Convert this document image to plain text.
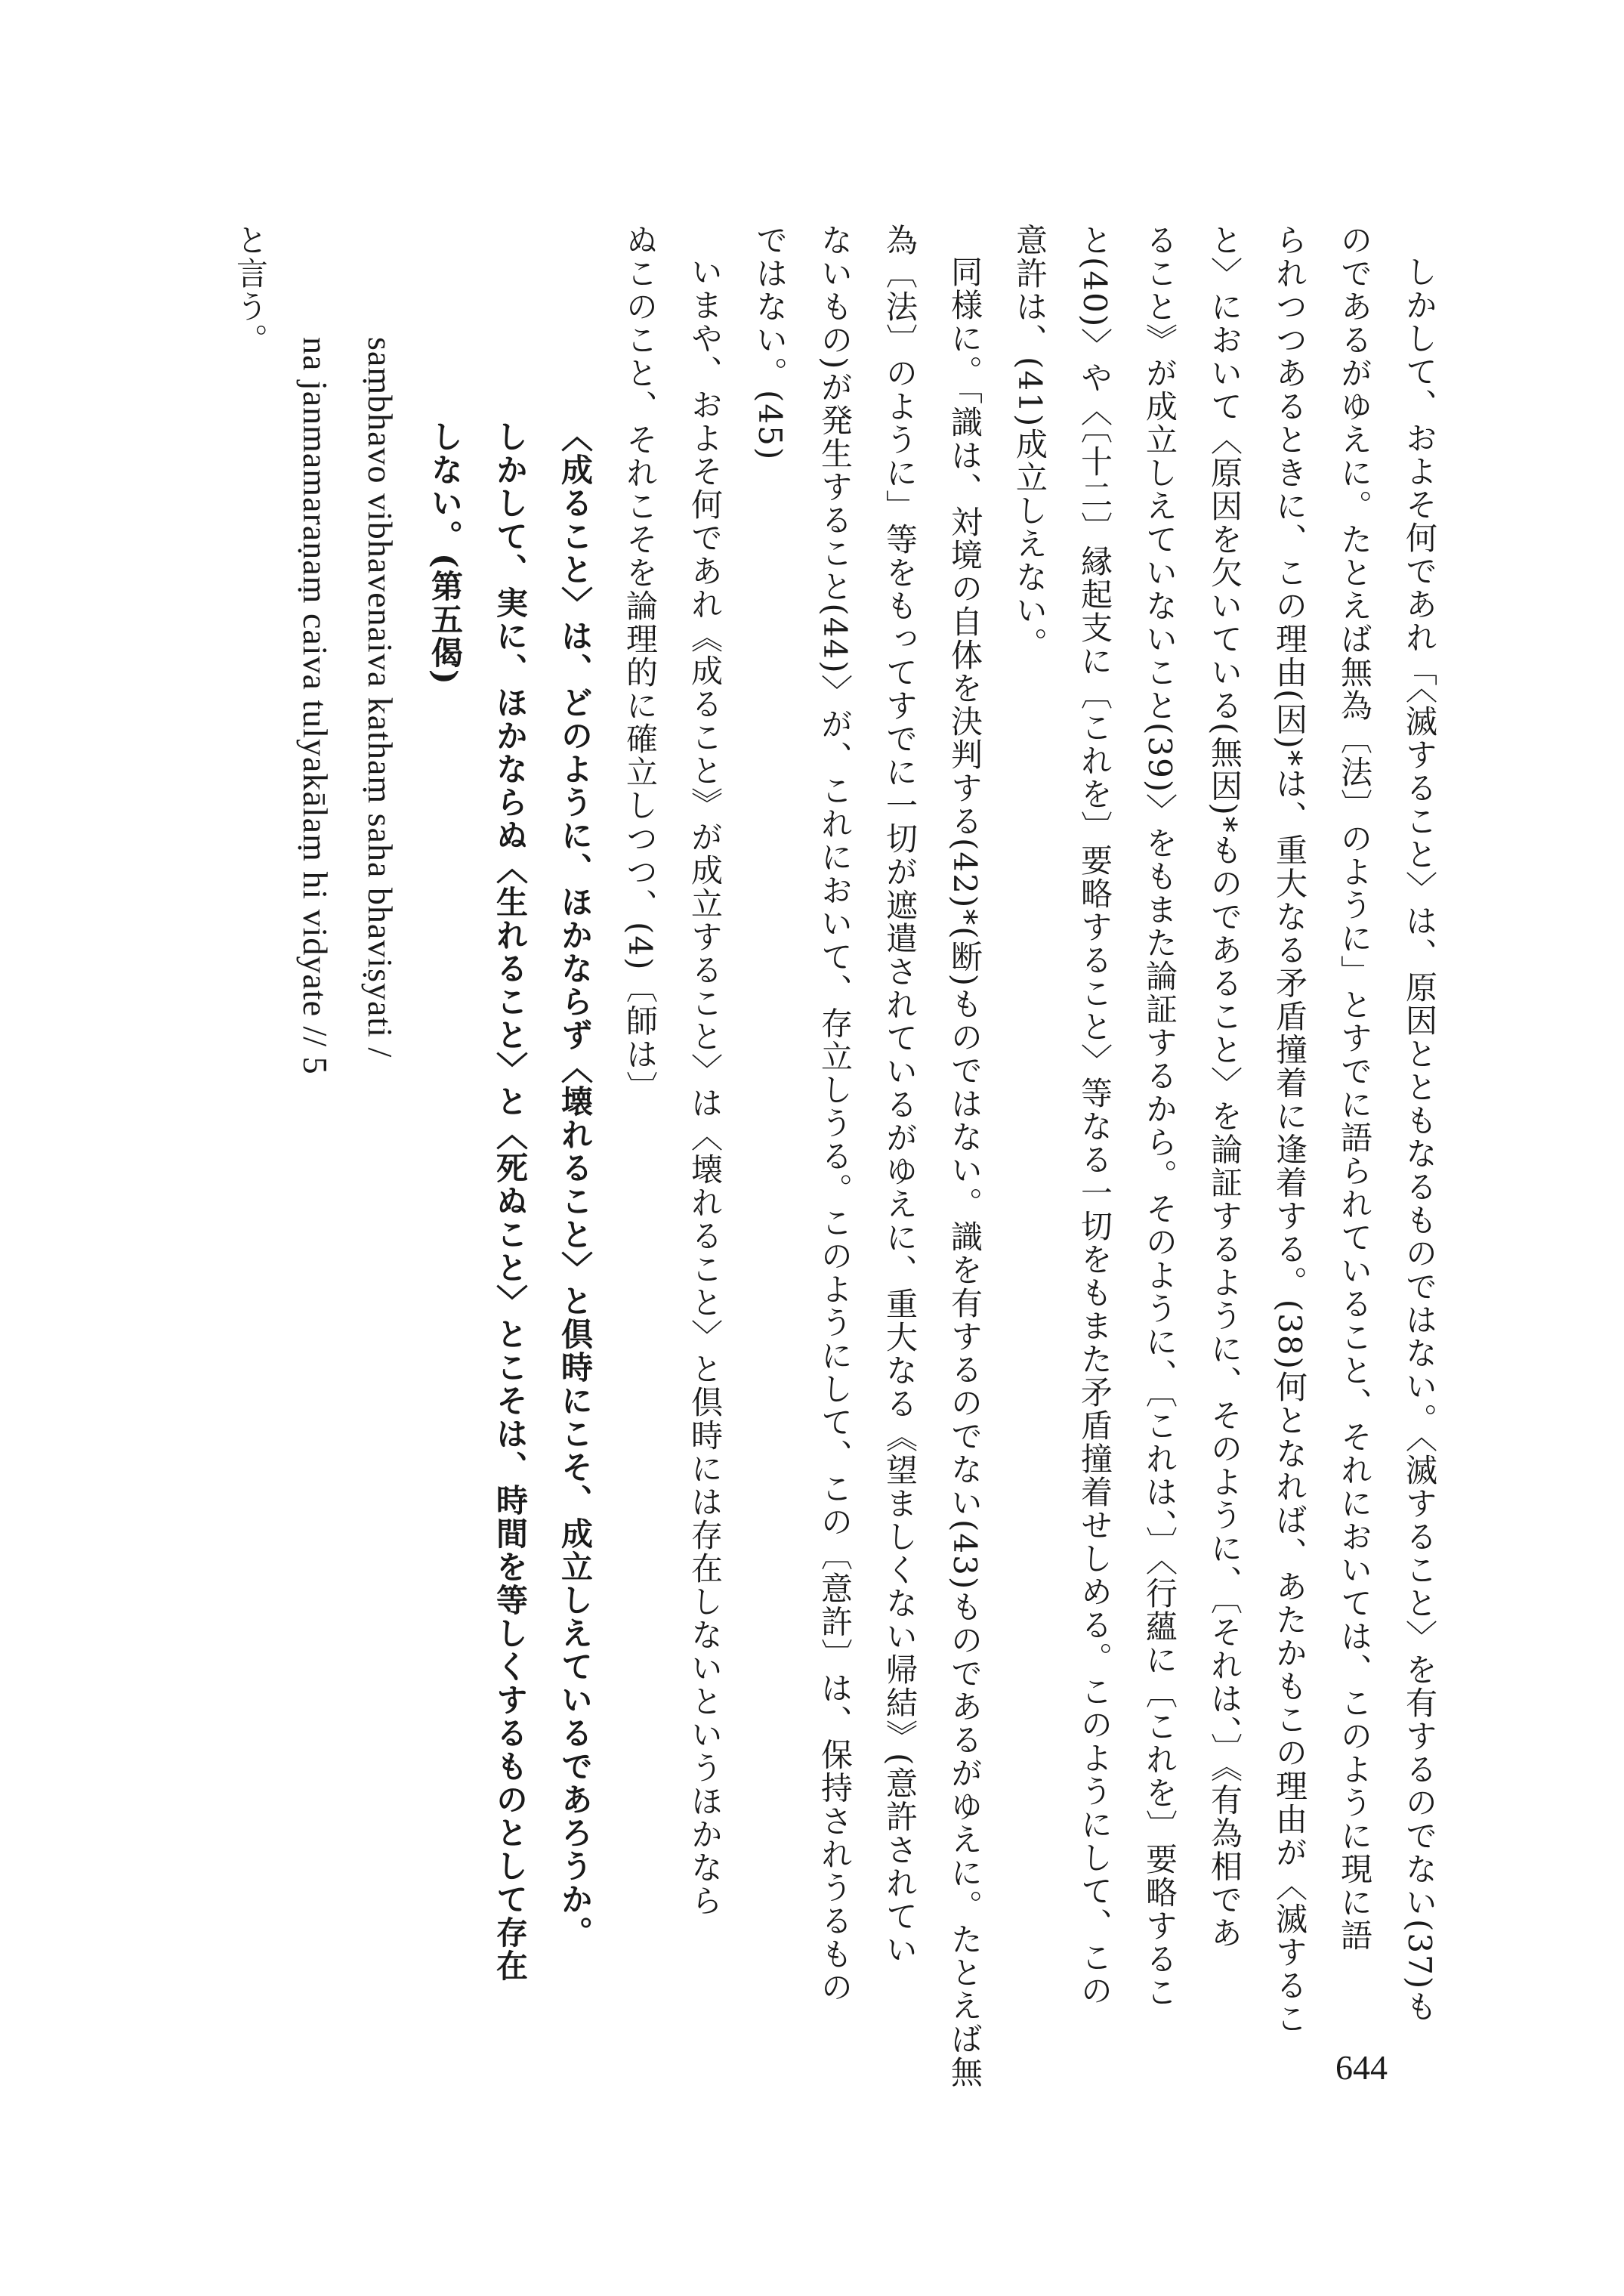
しかして、およそ何であれ「〈滅すること〉は、原因とともなるものではない。〈滅すること〉を有するのでない(37)も
のであるがゆえに。たとえば無為〔法〕のように」とすでに語られていること、それにおいては、このように現に語
られつつあるときに、この理由(因)*は、重大なる矛盾撞着に逢着する。(38)何となれば、あたかもこの理由が〈滅するこ
と〉において〈原因を欠いている(無因)*ものであること〉を論証するように、そのように、〔それは、〕《有為相であ
ること》が成立しえていないこと(39)〉をもまた論証するから。そのように、〔これは、〕〈行蘊に〔これを〕要略するこ
と(40)〉や〈〔十二〕縁起支に〔これを〕要略すること〉等なる一切をもまた矛盾撞着せしめる。このようにして、この
意許は、(41)成立しえない。
同様に。「識は、対境の自体を決判する(42)*(断)ものではない。識を有するのでない(43)ものであるがゆえに。たとえば無
為〔法〕のように」等をもってすでに一切が遮遣されているがゆえに、重大なる《望ましくない帰結》(意許されてい
ないもの)が発生すること(44)〉が、これにおいて、存立しうる。このようにして、この〔意許〕は、保持されうるもの
ではない。(45)
いまや、およそ何であれ《成ること》が成立すること〉は〈壊れること〉と倶時には存在しないというほかなら
ぬこのこと、それこそを論理的に確立しつつ、(4)〔師は〕
〈成ること〉は、どのように、ほかならず〈壊れること〉と倶時にこそ、成立しえているであろうか。
しかして、実に、ほかならぬ〈生れること〉と〈死ぬこと〉とこそは、時間を等しくするものとして存在
しない。(第五偈)
saṃbhavo vibhavenaiva kathaṃ saha bhaviṣyati /
na janmamaraṇaṃ caiva tulyakālaṃ hi vidyate // 5
と言う。
644
